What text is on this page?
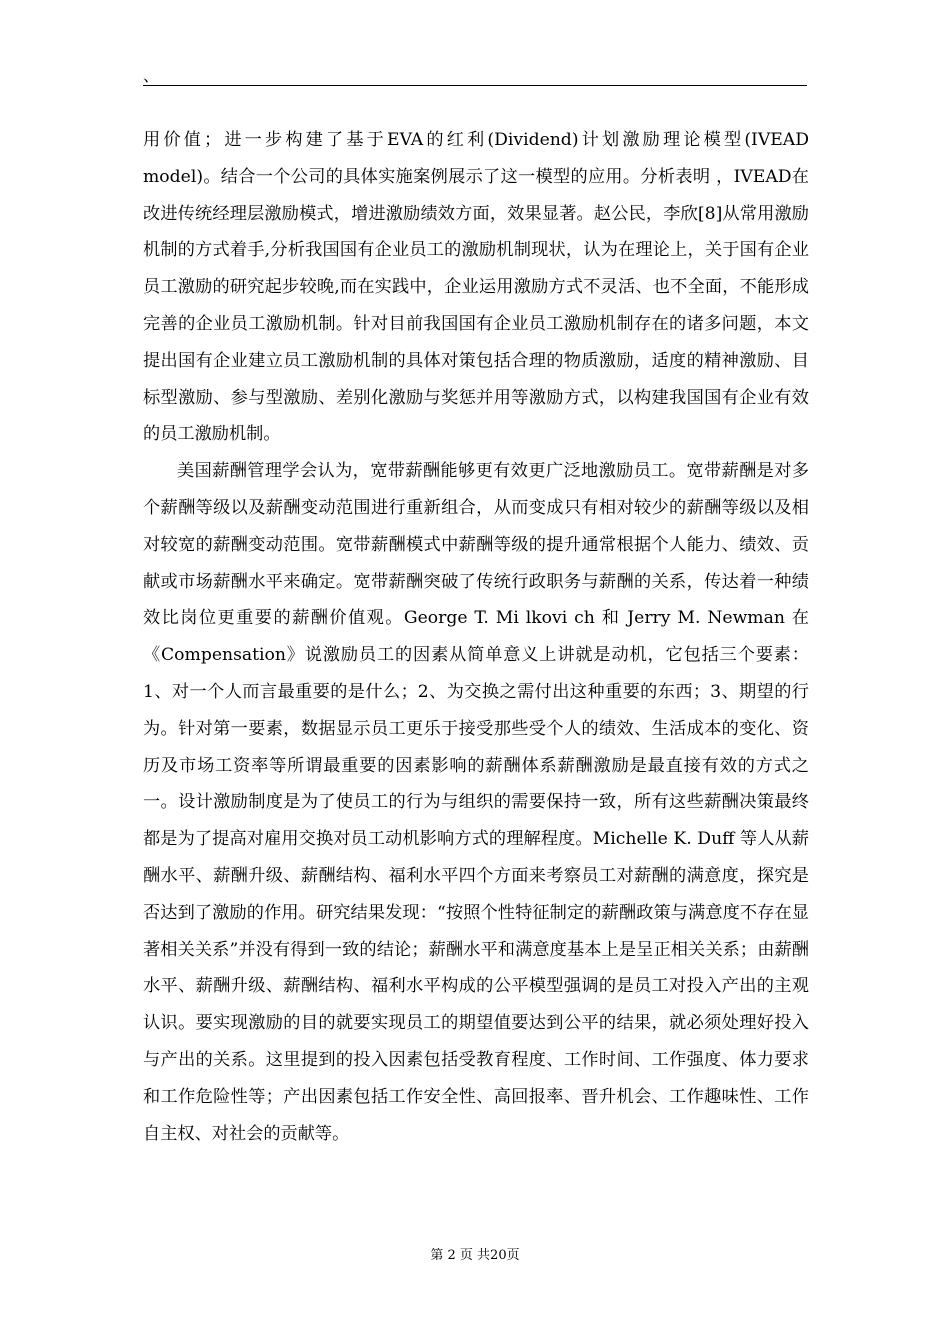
、

用价值；进一步构建了基于EVA的红利(Dividend)计划激励理论模型(IVEAD model)。结合一个公司的具体实施案例展示了这一模型的应用。分析表明 ，IVEAD在改进传统经理层激励模式，增进激励绩效方面，效果显著。赵公民，李欣[8]从常用激励机制的方式着手,分析我国国有企业员工的激励机制现状，认为在理论上，关于国有企业员工激励的研究起步较晚,而在实践中，企业运用激励方式不灵活、也不全面，不能形成完善的企业员工激励机制。针对目前我国国有企业员工激励机制存在的诸多问题，本文提出国有企业建立员工激励机制的具体对策包括合理的物质激励，适度的精神激励、目标型激励、参与型激励、差别化激励与奖惩并用等激励方式，以构建我国国有企业有效的员工激励机制。

美国薪酬管理学会认为，宽带薪酬能够更有效更广泛地激励员工。宽带薪酬是对多个薪酬等级以及薪酬变动范围进行重新组合，从而变成只有相对较少的薪酬等级以及相对较宽的薪酬变动范围。宽带薪酬模式中薪酬等级的提升通常根据个人能力、绩效、贡献或市场薪酬水平来确定。宽带薪酬突破了传统行政职务与薪酬的关系，传达着一种绩效比岗位更重要的薪酬价值观。George T. Mi lkovi ch 和 Jerry M. Newman 在《Compensation》说激励员工的因素从简单意义上讲就是动机，它包括三个要素：1、对一个人而言最重要的是什么；2、为交换之需付出这种重要的东西；3、期望的行为。针对第一要素，数据显示员工更乐于接受那些受个人的绩效、生活成本的变化、资历及市场工资率等所谓最重要的因素影响的薪酬体系薪酬激励是最直接有效的方式之一。设计激励制度是为了使员工的行为与组织的需要保持一致，所有这些薪酬决策最终都是为了提高对雇用交换对员工动机影响方式的理解程度。Michelle K. Duff 等人从薪酬水平、薪酬升级、薪酬结构、福利水平四个方面来考察员工对薪酬的满意度，探究是否达到了激励的作用。研究结果发现：“按照个性特征制定的薪酬政策与满意度不存在显著相关关系”并没有得到一致的结论；薪酬水平和满意度基本上是呈正相关关系；由薪酬水平、薪酬升级、薪酬结构、福利水平构成的公平模型强调的是员工对投入产出的主观认识。要实现激励的目的就要实现员工的期望值要达到公平的结果，就必须处理好投入与产出的关系。这里提到的投入因素包括受教育程度、工作时间、工作强度、体力要求和工作危险性等；产出因素包括工作安全性、高回报率、晋升机会、工作趣味性、工作自主权、对社会的贡献等。

第 2 页 共20页
